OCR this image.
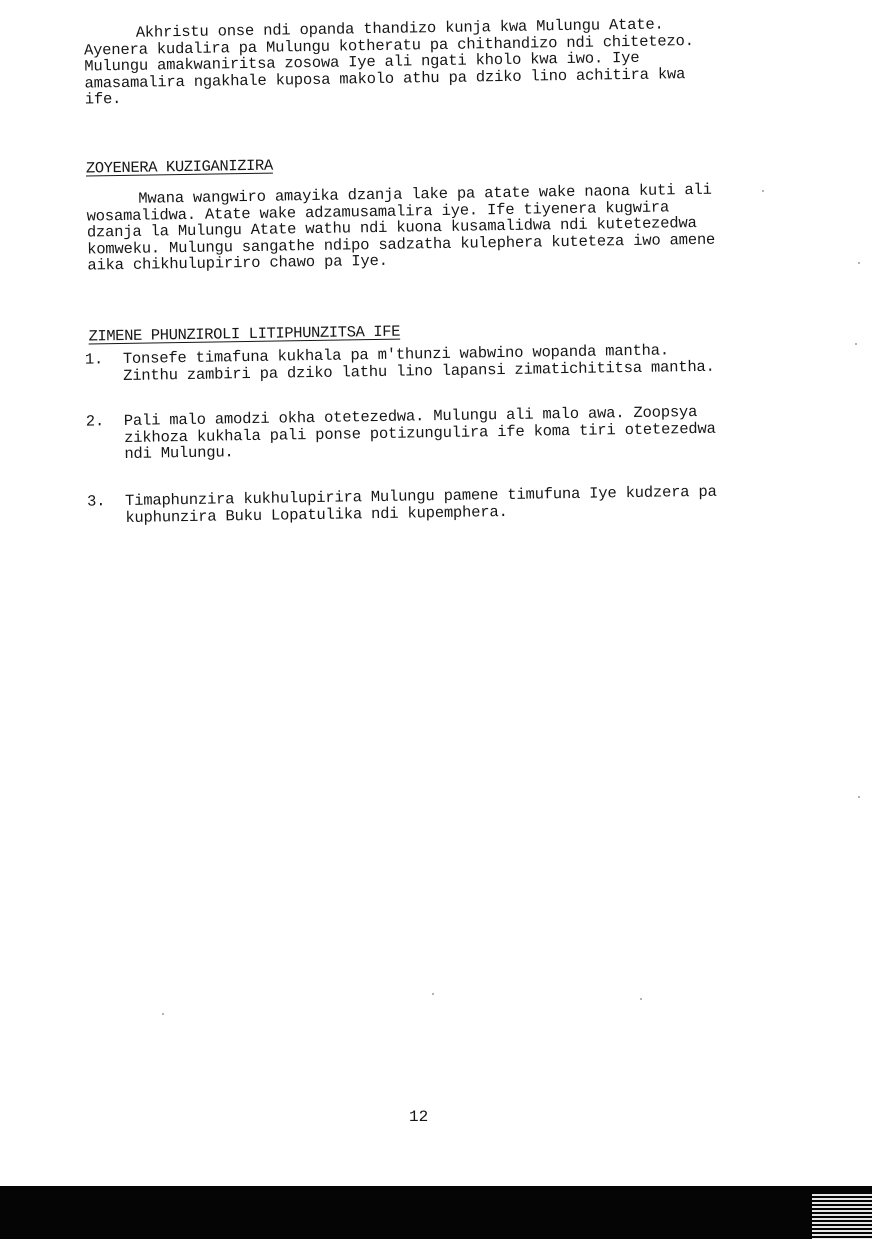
Akhristu onse ndi opanda thandizo kunja kwa Mulungu Atate.
Ayenera kudalira pa Mulungu kotheratu pa chithandizo ndi chitetezo.
Mulungu amakwaniritsa zosowa Iye ali ngati kholo kwa iwo. Iye
amasamalira ngakhale kuposa makolo athu pa dziko lino achitira kwa
ife.
ZOYENERA KUZIGANIZIRA
Mwana wangwiro amayika dzanja lake pa atate wake naona kuti ali
wosamalidwa. Atate wake adzamusamalira iye. Ife tiyenera kugwira
dzanja la Mulungu Atate wathu ndi kuona kusamalidwa ndi kutetezedwa
komweku. Mulungu sangathe ndipo sadzatha kulephera kuteteza iwo amene
aika chikhulupiriro chawo pa Iye.
ZIMENE PHUNZIROLI LITIPHUNZITSA IFE
1. Tonsefe timafuna kukhala pa m'thunzi wabwino wopanda mantha.
Zinthu zambiri pa dziko lathu lino lapansi zimatichititsa mantha.
2. Pali malo amodzi okha otetezedwa. Mulungu ali malo awa. Zoopsya
zikhoza kukhala pali ponse potizungulira ife koma tiri otetezedwa
ndi Mulungu.
3. Timaphunzira kukhulupirira Mulungu pamene timufuna Iye kudzera pa
kuphunzira Buku Lopatulika ndi kupemphera.
12
